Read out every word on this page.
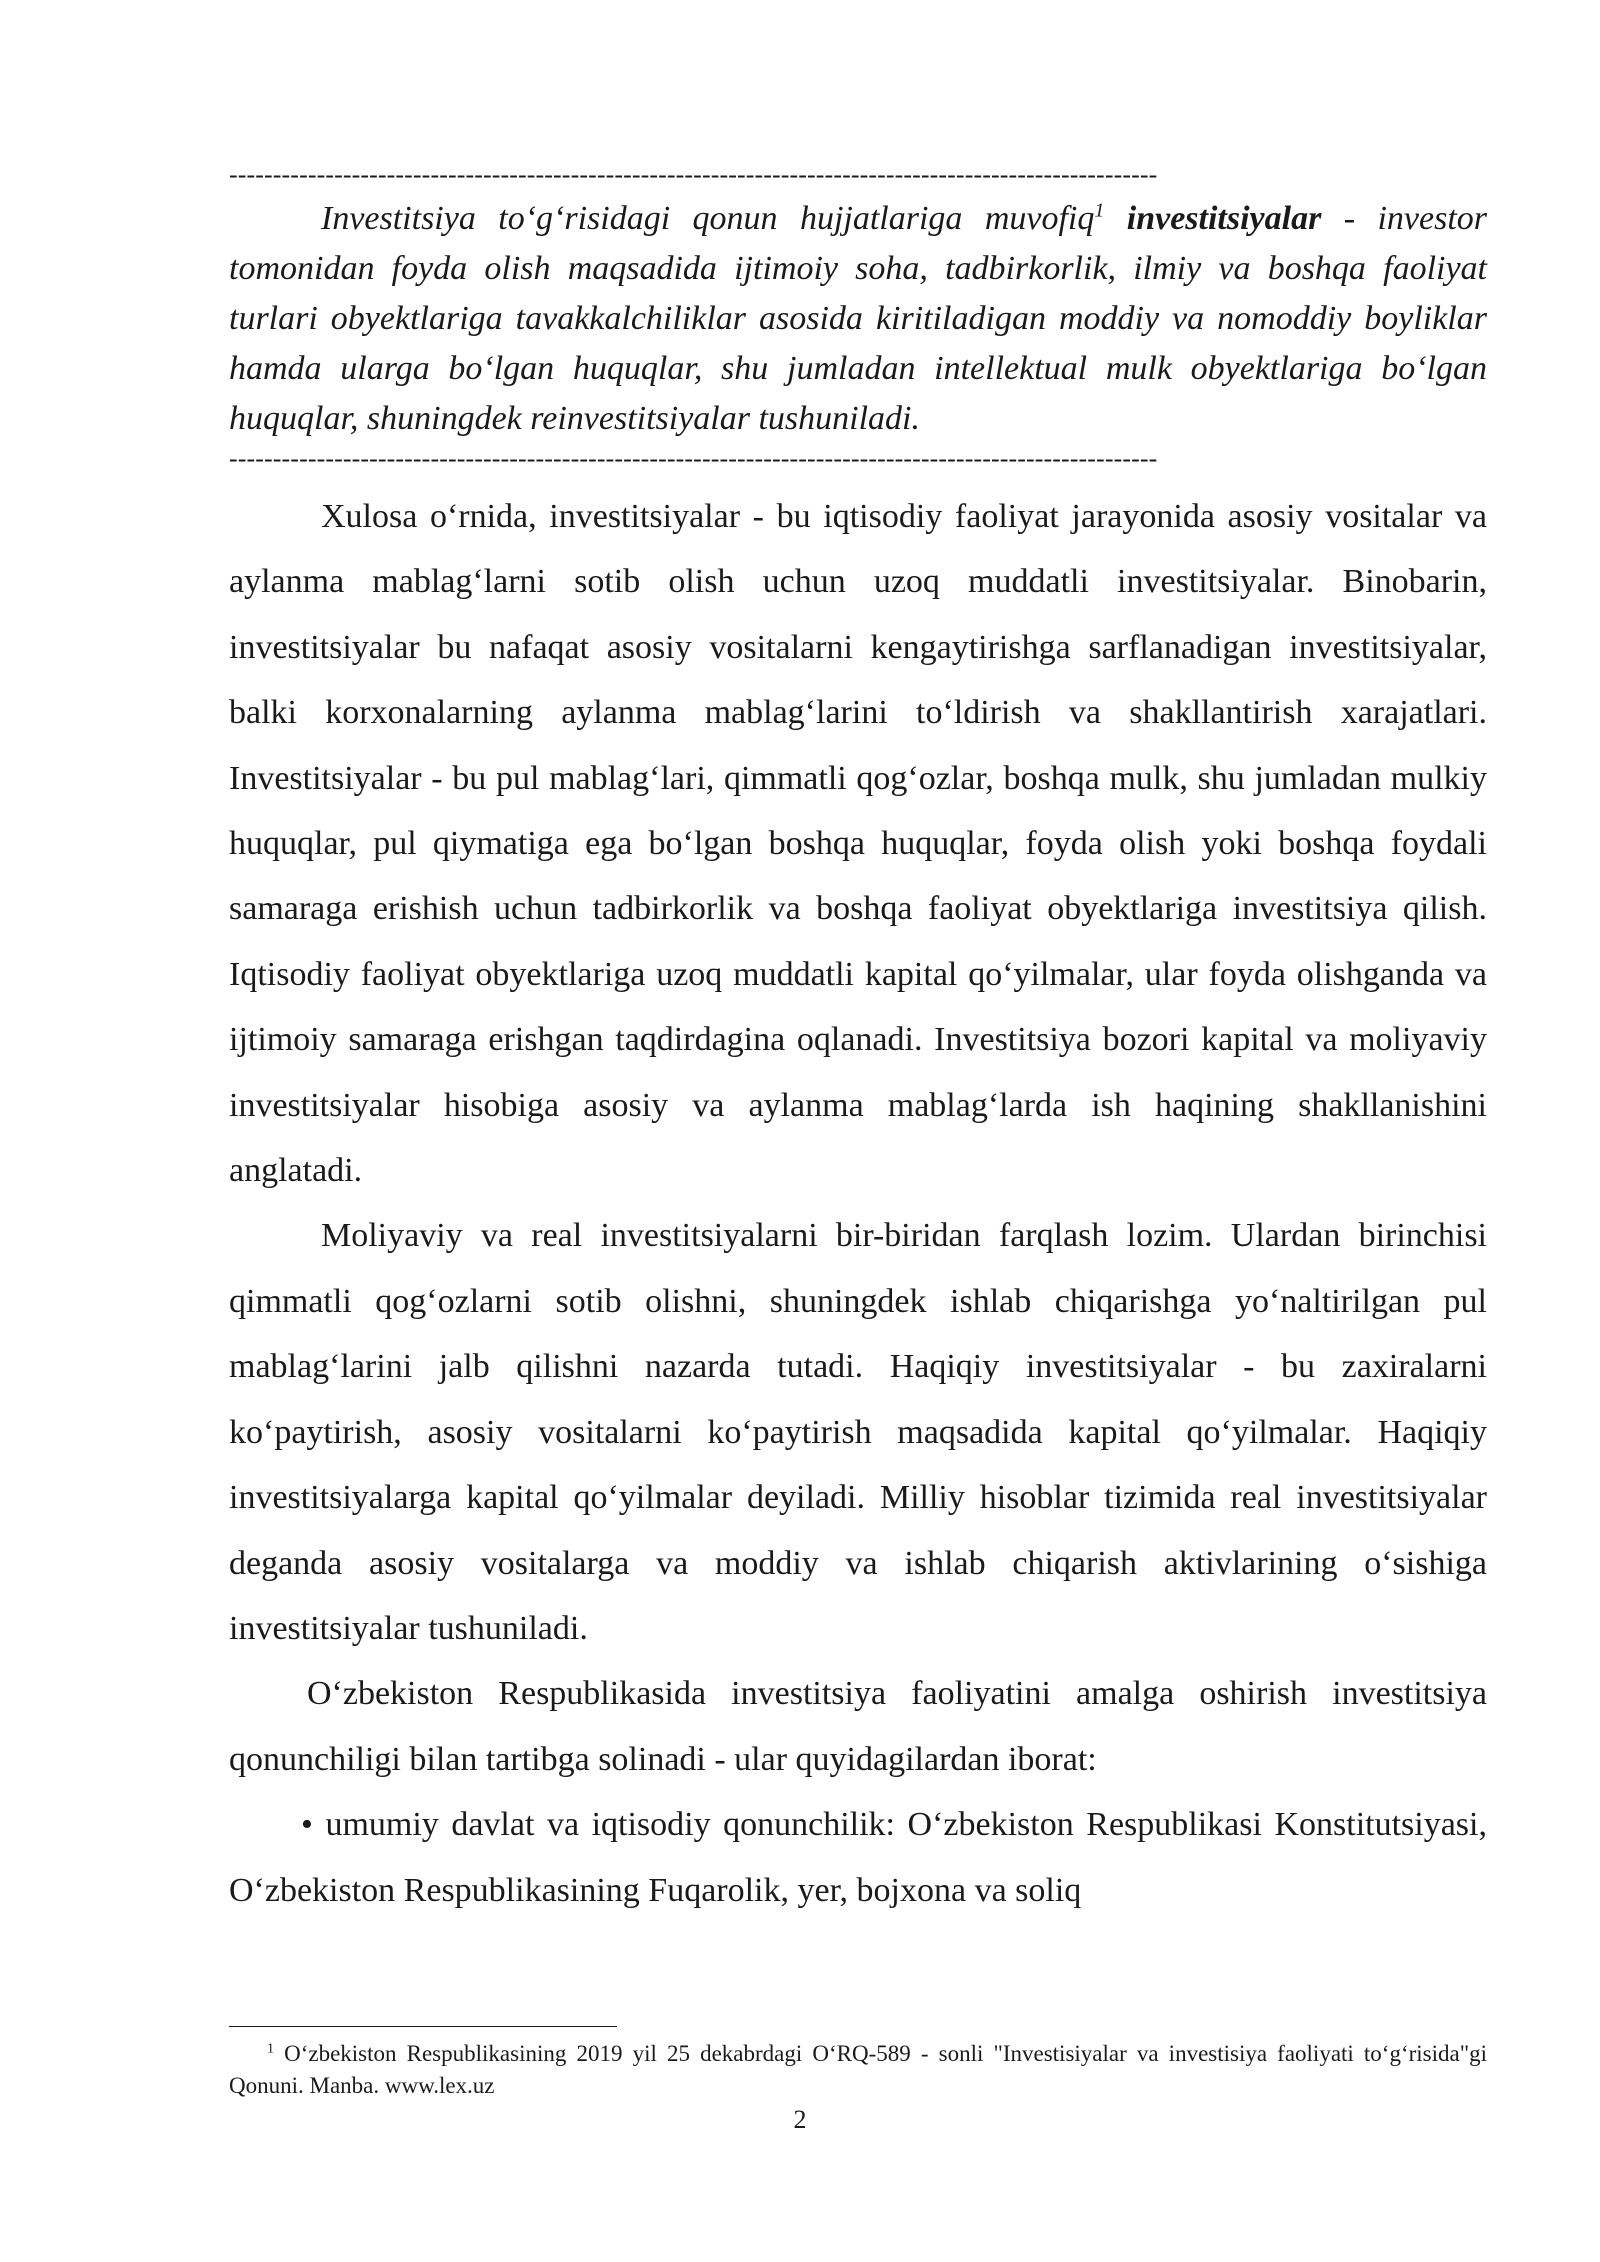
----------------------------------------------------------------------------------------------------------

Investitsiya to‘g‘risidagi qonun hujjatlariga muvofiq$^1$ investitsiyalar - investor tomonidan foyda olish maqsadida ijtimoiy soha, tadbirkorlik, ilmiy va boshqa faoliyat turlari obyektlariga tavakkalchiliklar asosida kiritiladigan moddiy va nomoddiy boyliklar hamda ularga bo‘lgan huquqlar, shu jumladan intellektual mulk obyektlariga bo‘lgan huquqlar, shuningdek reinvestitsiyalar tushuniladi.

----------------------------------------------------------------------------------------------------------

Xulosa o‘rnida, investitsiyalar - bu iqtisodiy faoliyat jarayonida asosiy vositalar va aylanma mablag‘larni sotib olish uchun uzoq muddatli investitsiyalar. Binobarin, investitsiyalar bu nafaqat asosiy vositalarni kengaytirishga sarflanadigan investitsiyalar, balki korxonalarning aylanma mablag‘larini to‘ldirish va shakllantirish xarajatlari. Investitsiyalar - bu pul mablag‘lari, qimmatli qog‘ozlar, boshqa mulk, shu jumladan mulkiy huquqlar, pul qiymatiga ega bo‘lgan boshqa huquqlar, foyda olish yoki boshqa foydali samaraga erishish uchun tadbirkorlik va boshqa faoliyat obyektlariga investitsiya qilish. Iqtisodiy faoliyat obyektlariga uzoq muddatli kapital qo‘yilmalar, ular foyda olishganda va ijtimoiy samaraga erishgan taqdirdagina oqlanadi. Investitsiya bozori kapital va moliyaviy investitsiyalar hisobiga asosiy va aylanma mablag‘larda ish haqining shakllanishini anglatadi.

Moliyaviy va real investitsiyalarni bir-biridan farqlash lozim. Ulardan birinchisi qimmatli qog‘ozlarni sotib olishni, shuningdek ishlab chiqarishga yo‘naltirilgan pul mablag‘larini jalb qilishni nazarda tutadi. Haqiqiy investitsiyalar - bu zaxiralarni ko‘paytirish, asosiy vositalarni ko‘paytirish maqsadida kapital qo‘yilmalar. Haqiqiy investitsiyalarga kapital qo‘yilmalar deyiladi. Milliy hisoblar tizimida real investitsiyalar deganda asosiy vositalarga va moddiy va ishlab chiqarish aktivlarining o‘sishiga investitsiyalar tushuniladi.

O‘zbekiston Respublikasida investitsiya faoliyatini amalga oshirish investitsiya qonunchiligi bilan tartibga solinadi - ular quyidagilardan iborat:

• umumiy davlat va iqtisodiy qonunchilik: O‘zbekiston Respublikasi Konstitutsiyasi, O‘zbekiston Respublikasining Fuqarolik, yer, bojxona va soliq

$^1$ O‘zbekiston Respublikasining 2019 yil 25 dekabrdagi O‘RQ-589 - sonli "Investisiyalar va investisiya faoliyati to‘g‘risida"gi Qonuni. Manba. www.lex.uz

2
